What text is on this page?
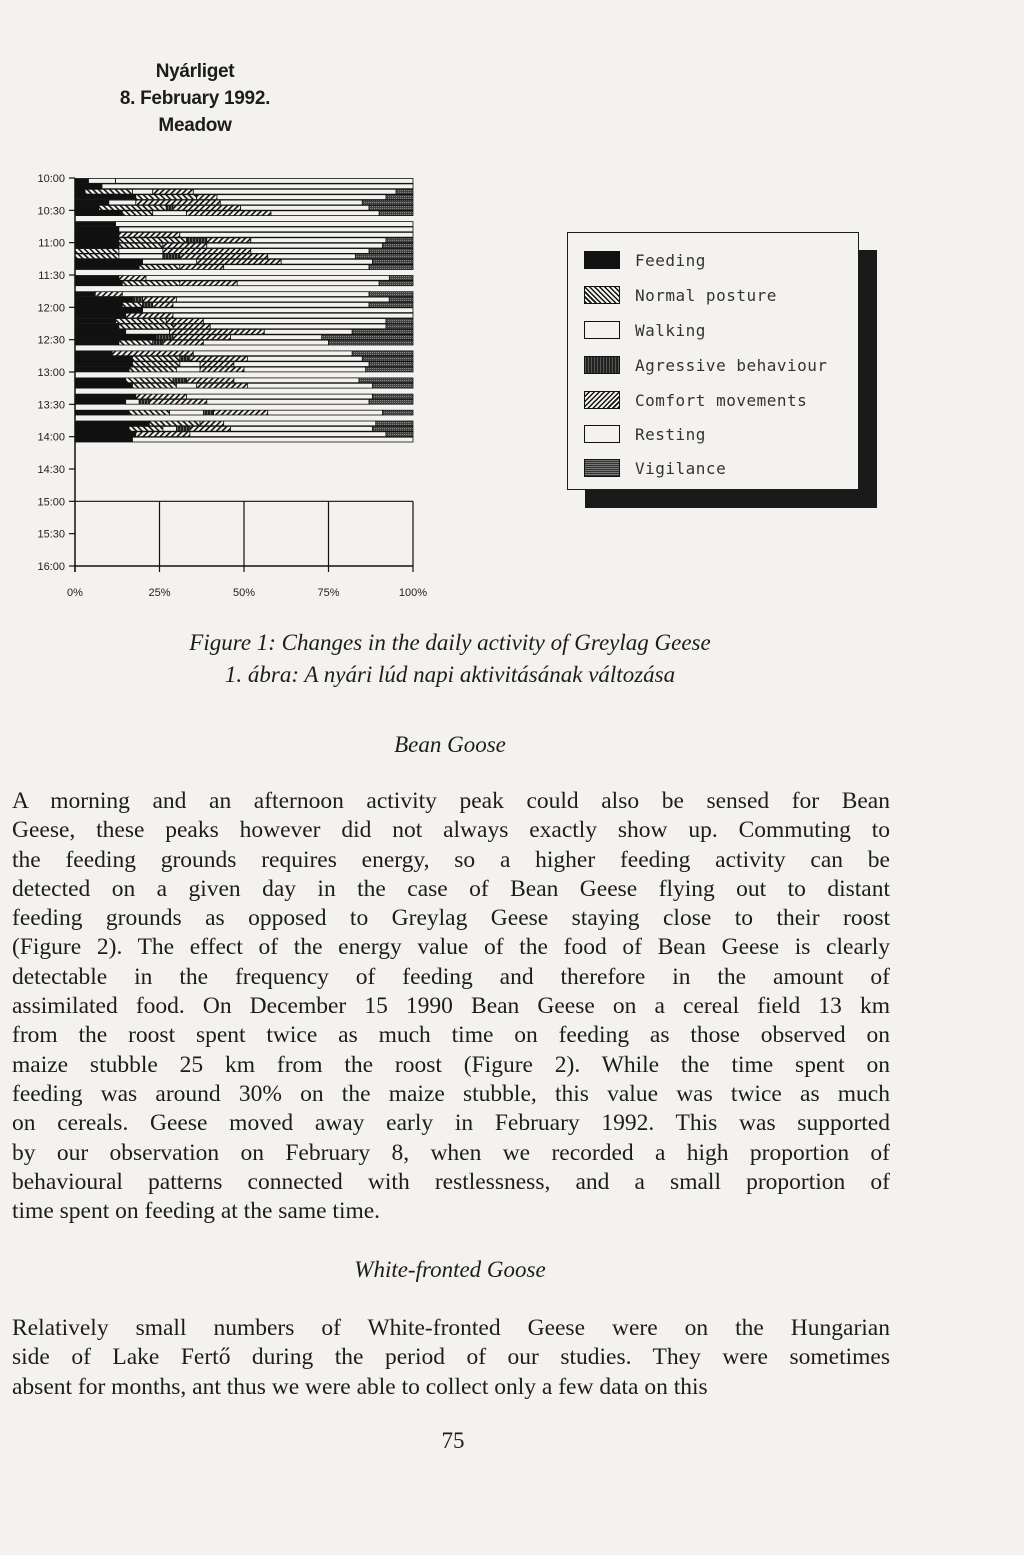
Nyárliget
8. February 1992.
Meadow
10:00
10:30
11:00
11:30
12:00
12:30
13:00
13:30
14:00
14:30
15:00
15:30
16:00
0%	25%	50%	75%	100%
Feeding
Normal posture
Walking
Agressive behaviour
Comfort movements
Resting
Vigilance
Figure 1: Changes in the daily activity of Greylag Geese
1. ábra: A nyári lúd napi aktivitásának változása
Bean Goose

A morning and an afternoon activity peak could also be sensed for Bean
Geese, these peaks however did not always exactly show up. Commuting to
the feeding grounds requires energy, so a higher feeding activity can be
detected on a given day in the case of Bean Geese flying out to distant
feeding grounds as opposed to Greylag Geese staying close to their roost
(Figure 2). The effect of the energy value of the food of Bean Geese is clearly
detectable in the frequency of feeding and therefore in the amount of
assimilated food. On December 15 1990 Bean Geese on a cereal field 13 km
from the roost spent twice as much time on feeding as those observed on
maize stubble 25 km from the roost (Figure 2). While the time spent on
feeding was around 30% on the maize stubble, this value was twice as much
on cereals. Geese moved away early in February 1992. This was supported
by our observation on February 8, when we recorded a high proportion of
behavioural patterns connected with restlessness, and a small proportion of
time spent on feeding at the same time.

White-fronted Goose

Relatively small numbers of White-fronted Geese were on the Hungarian
side of Lake Fertő during the period of our studies. They were sometimes
absent for months, ant thus we were able to collect only a few data on this

75
